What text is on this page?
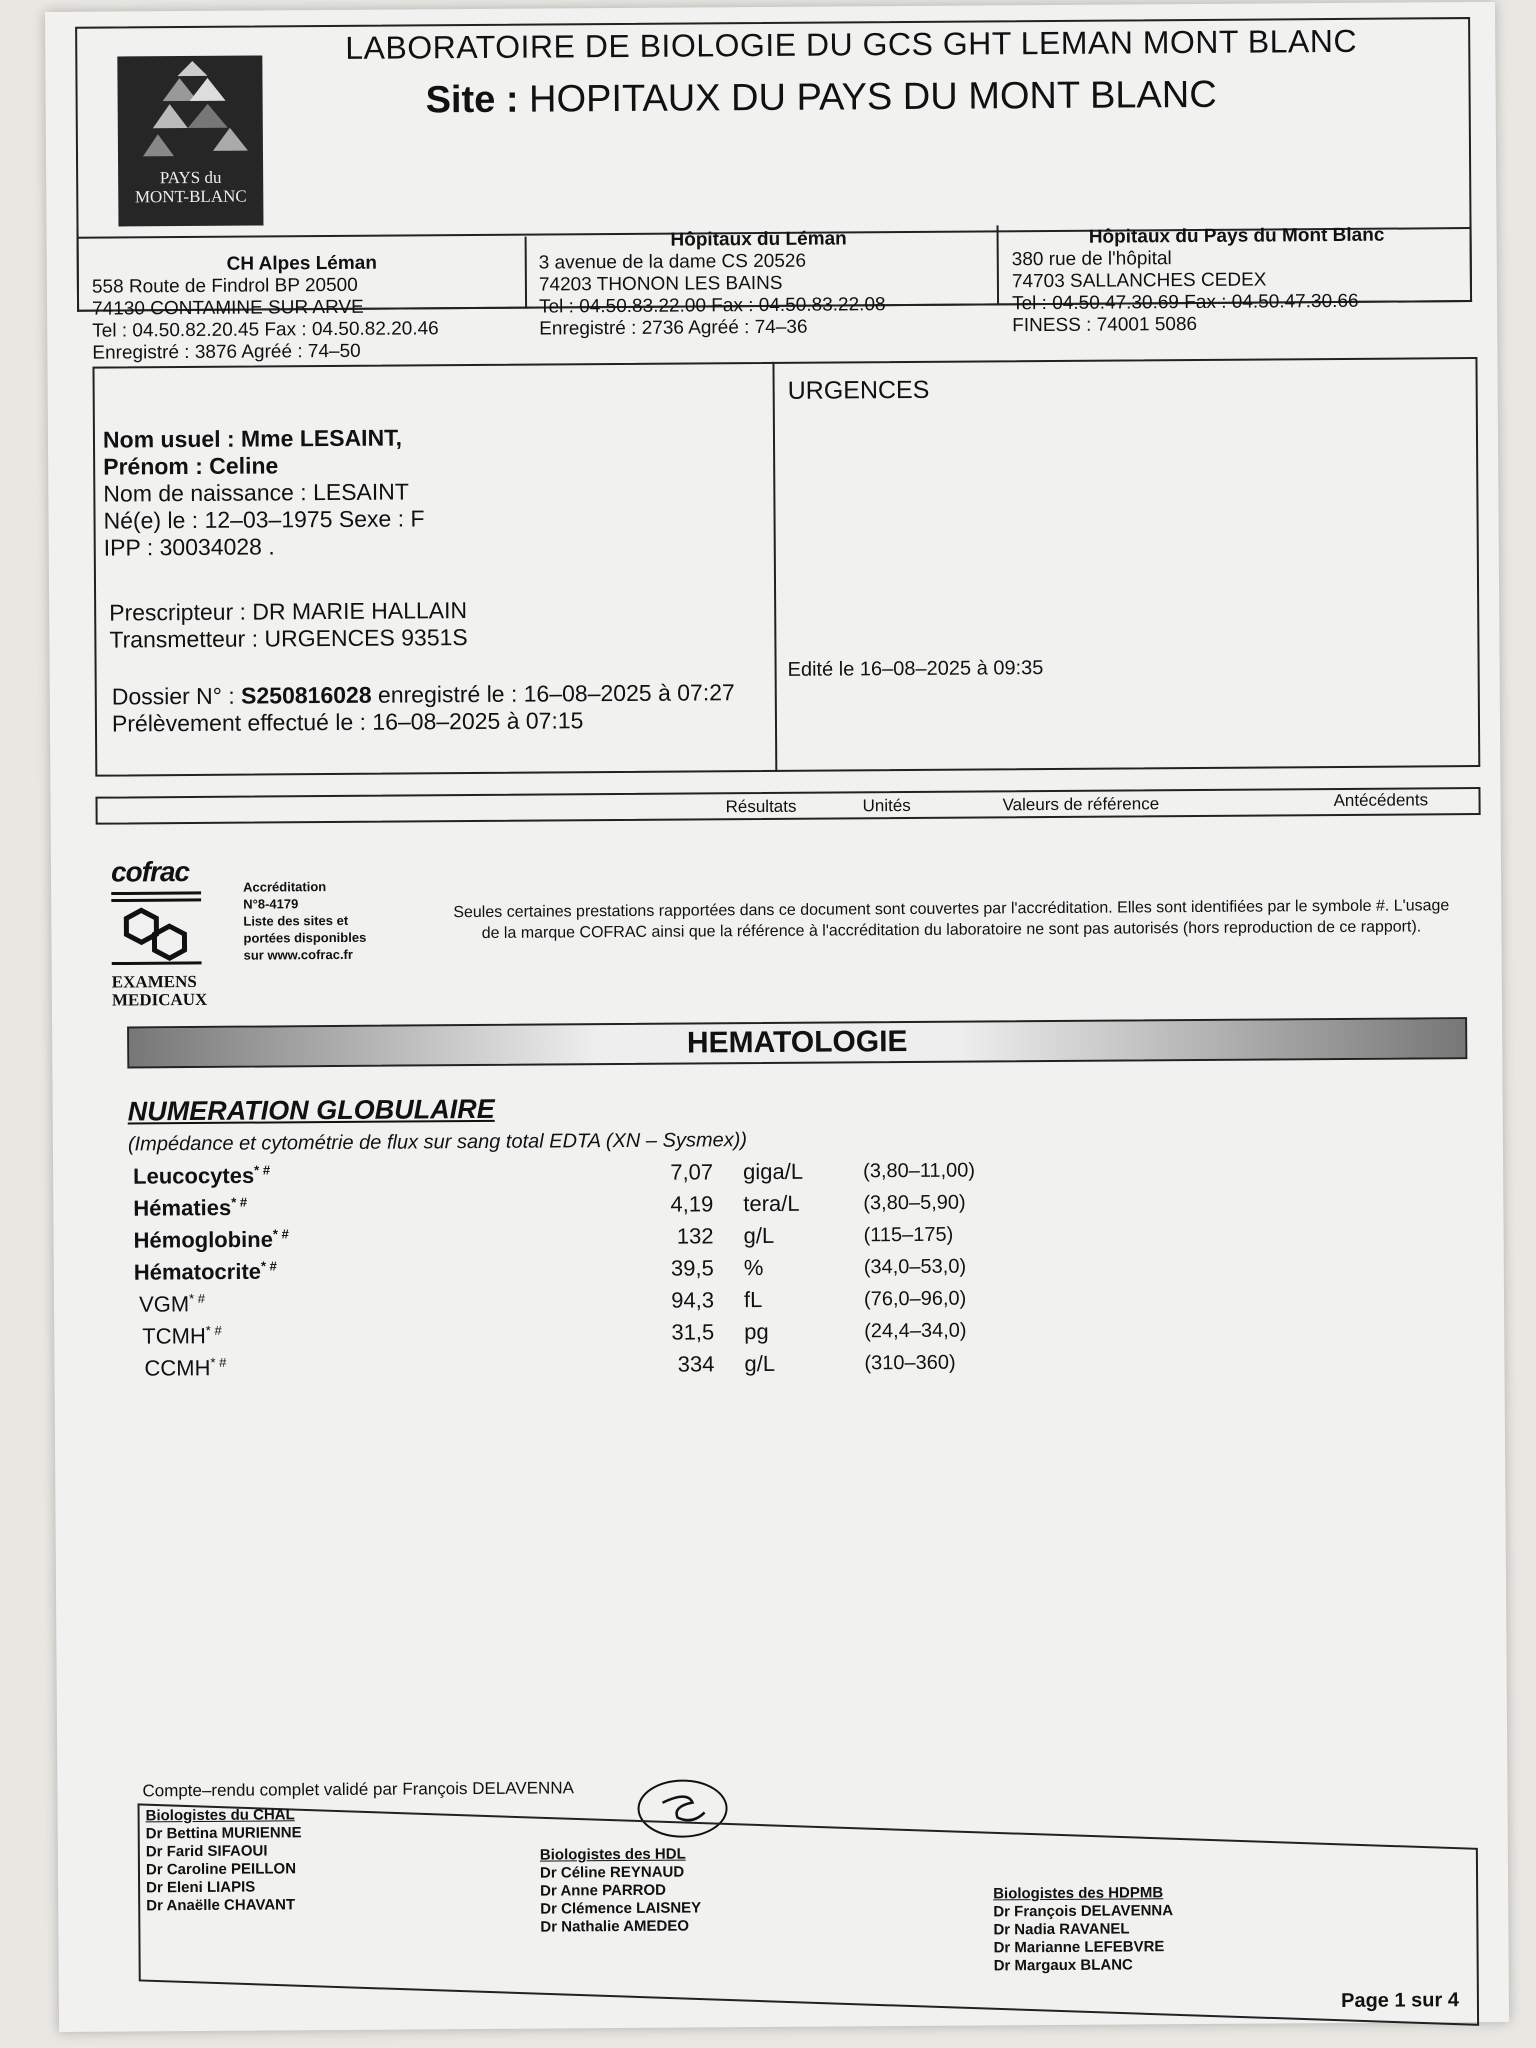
PAYS du
MONT-BLANC
LABORATOIRE DE BIOLOGIE DU GCS GHT LEMAN MONT BLANC
Site : HOPITAUX DU PAYS DU MONT BLANC
CH Alpes Léman
558 Route de Findrol BP 20500
74130 CONTAMINE SUR ARVE
Tel : 04.50.82.20.45 Fax : 04.50.82.20.46
Enregistré : 3876 Agréé : 74–50
Hôpitaux du Léman
3 avenue de la dame CS 20526
74203 THONON LES BAINS
Tel : 04.50.83.22.00 Fax : 04.50.83.22.08
Enregistré : 2736 Agréé : 74–36
Hôpitaux du Pays du Mont Blanc
380 rue de l'hôpital
74703 SALLANCHES CEDEX
Tel : 04.50.47.30.69 Fax : 04.50.47.30.66
FINESS : 74001 5086
Nom usuel : Mme LESAINT,
Prénom : Celine
Nom de naissance : LESAINT
Né(e) le : 12–03–1975 Sexe : F
IPP : 30034028 .
Prescripteur : DR MARIE HALLAIN
Transmetteur : URGENCES 9351S
Dossier N° : S250816028 enregistré le : 16–08–2025 à 07:27
Prélèvement effectué le : 16–08–2025 à 07:15
URGENCES
Edité le 16–08–2025 à 09:35
Résultats	Unités	Valeurs de référence	Antécédents
cofrac
EXAMENS
MEDICAUX
Accréditation
N°8-4179
Liste des sites et
portées disponibles
sur www.cofrac.fr
Seules certaines prestations rapportées dans ce document sont couvertes par l'accréditation. Elles sont identifiées par le symbole #. L'usage de la marque COFRAC ainsi que la référence à l'accréditation du laboratoire ne sont pas autorisés (hors reproduction de ce rapport).
HEMATOLOGIE
NUMERATION GLOBULAIRE
(Impédance et cytométrie de flux sur sang total EDTA (XN – Sysmex))
Leucocytes* #	7,07 giga/L	(3,80–11,00)
Hématies* #	4,19 tera/L	(3,80–5,90)
Hémoglobine* #	132 g/L	(115–175)
Hématocrite* #	39,5 %	(34,0–53,0)
VGM* #	94,3 fL	(76,0–96,0)
TCMH* #	31,5 pg	(24,4–34,0)
CCMH* #	334 g/L	(310–360)
Compte–rendu complet validé par François DELAVENNA
Biologistes du CHAL
Dr Bettina MURIENNE
Dr Farid SIFAOUI
Dr Caroline PEILLON
Dr Eleni LIAPIS
Dr Anaëlle CHAVANT
Biologistes des HDL
Dr Céline REYNAUD
Dr Anne PARROD
Dr Clémence LAISNEY
Dr Nathalie AMEDEO
Biologistes des HDPMB
Dr François DELAVENNA
Dr Nadia RAVANEL
Dr Marianne LEFEBVRE
Dr Margaux BLANC
Page 1 sur 4
